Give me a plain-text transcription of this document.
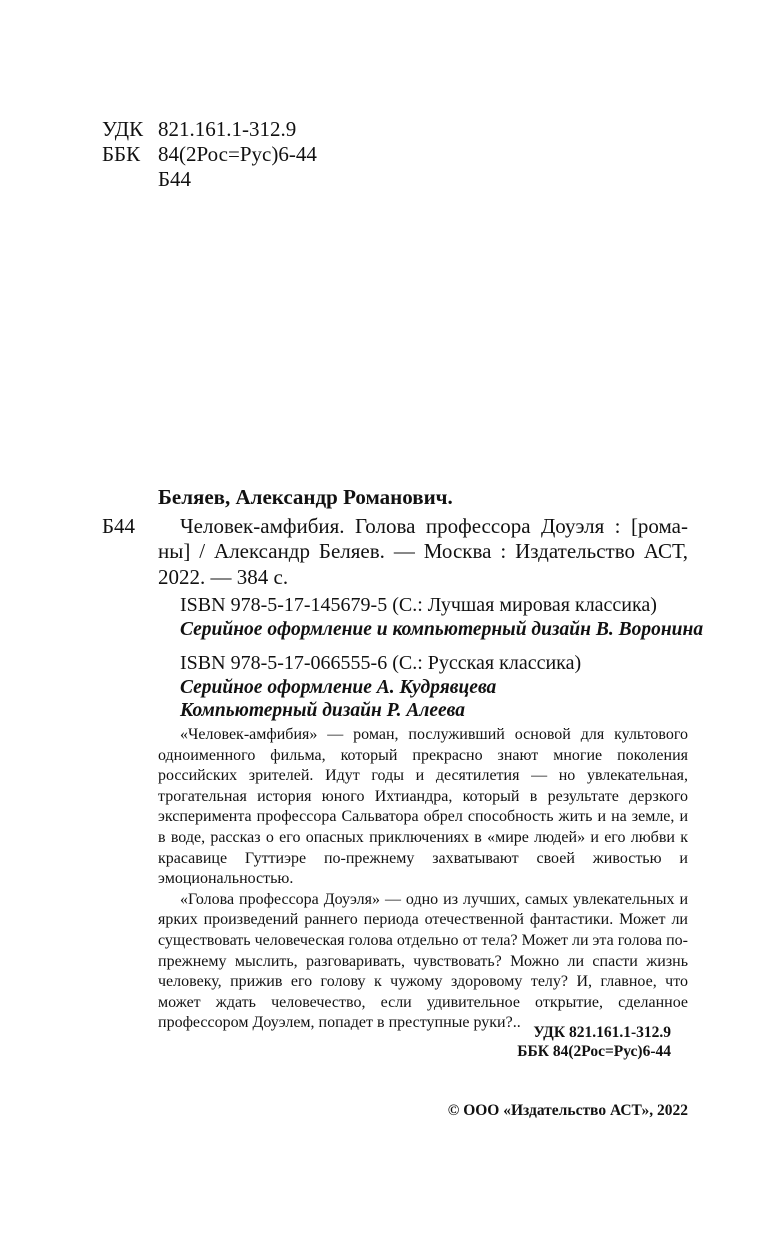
УДК 821.161.1-312.9
ББК 84(2Рос=Рус)6-44
Б44
Беляев, Александр Романович.
Б44 Человек-амфибия. Голова профессора Доуэля : [рома-
ны] / Александр Беляев. — Москва : Издательство АСТ,
2022. — 384 с.
ISBN 978-5-17-145679-5 (С.: Лучшая мировая классика)
Серийное оформление и компьютерный дизайн В. Воронина
ISBN 978-5-17-066555-6 (С.: Русская классика)
Серийное оформление А. Кудрявцева
Компьютерный дизайн Р. Алеева

«Человек-амфибия» — роман, послуживший основой для культового одноименного фильма, который прекрасно знают многие поколения российских зрителей. Идут годы и десятилетия — но увлекательная, трогательная история юного Ихтиандра, который в результате дерзкого эксперимента профессора Сальватора обрел способность жить и на земле, и в воде, рассказ о его опасных приключениях в «мире людей» и его любви к красавице Гуттиэре по-прежнему захватывают своей живостью и эмоциональностью.

«Голова профессора Доуэля» — одно из лучших, самых увлекательных и ярких произведений раннего периода отечественной фантастики. Может ли существовать человеческая голова отдельно от тела? Может ли эта голова по-прежнему мыслить, разговаривать, чувствовать? Можно ли спасти жизнь человеку, прижив его голову к чужому здоровому телу? И, главное, что может ждать человечество, если удивительное открытие, сделанное профессором Доуэлем, попадет в преступные руки?..

УДК 821.161.1-312.9
ББК 84(2Рос=Рус)6-44
© ООО «Издательство АСТ», 2022
